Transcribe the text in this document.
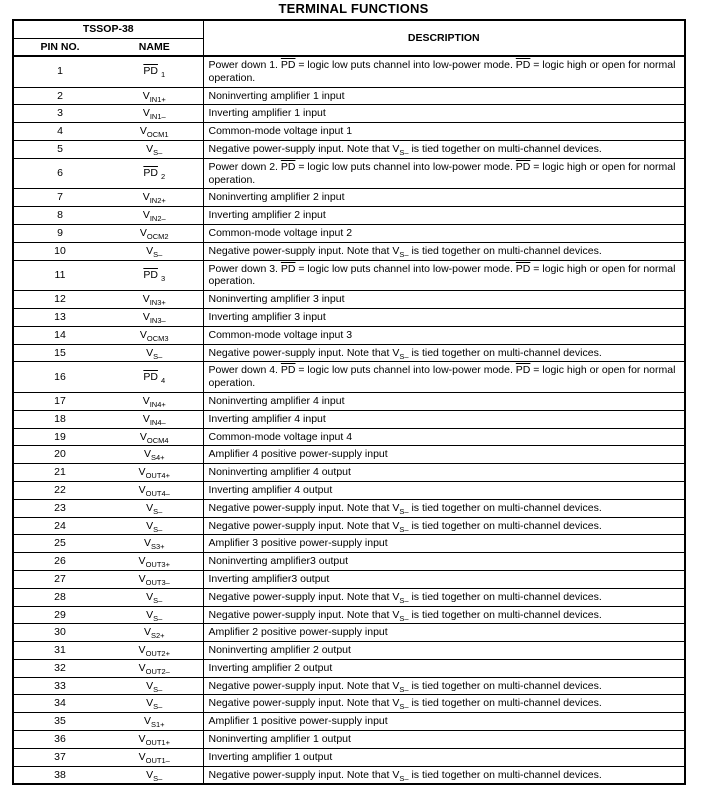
TERMINAL FUNCTIONS
TSSOP-38		DESCRIPTION
PIN NO.	NAME	
1	$\overline{PD}$ $_1$	Power down 1. $\overline{PD}$ = logic low puts channel into low-power mode. $\overline{PD}$ = logic high or open for normal operation.
2	$V_{IN1+}$	Noninverting amplifier 1 input
3	$V_{IN1-}$	Inverting amplifier 1 input
4	$V_{OCM1}$	Common-mode voltage input 1
5	$V_{S-}$	Negative power-supply input. Note that $V_{S-}$ is tied together on multi-channel devices.
6	$\overline{PD}$ $_2$	Power down 2. $\overline{PD}$ = logic low puts channel into low-power mode. $\overline{PD}$ = logic high or open for normal operation.
7	$V_{IN2+}$	Noninverting amplifier 2 input
8	$V_{IN2-}$	Inverting amplifier 2 input
9	$V_{OCM2}$	Common-mode voltage input 2
10	$V_{S-}$	Negative power-supply input. Note that $V_{S-}$ is tied together on multi-channel devices.
11	$\overline{PD}$ $_3$	Power down 3. $\overline{PD}$ = logic low puts channel into low-power mode. $\overline{PD}$ = logic high or open for normal operation.
12	$V_{IN3+}$	Noninverting amplifier 3 input
13	$V_{IN3-}$	Inverting amplifier 3 input
14	$V_{OCM3}$	Common-mode voltage input 3
15	$V_{S-}$	Negative power-supply input. Note that $V_{S-}$ is tied together on multi-channel devices.
16	$\overline{PD}$ $_4$	Power down 4. $\overline{PD}$ = logic low puts channel into low-power mode. $\overline{PD}$ = logic high or open for normal operation.
17	$V_{IN4+}$	Noninverting amplifier 4 input
18	$V_{IN4-}$	Inverting amplifier 4 input
19	$V_{OCM4}$	Common-mode voltage input 4
20	$V_{S4+}$	Amplifier 4 positive power-supply input
21	$V_{OUT4+}$	Noninverting amplifier 4 output
22	$V_{OUT4-}$	Inverting amplifier 4 output
23	$V_{S-}$	Negative power-supply input. Note that $V_{S-}$ is tied together on multi-channel devices.
24	$V_{S-}$	Negative power-supply input. Note that $V_{S-}$ is tied together on multi-channel devices.
25	$V_{S3+}$	Amplifier 3 positive power-supply input
26	$V_{OUT3+}$	Noninverting amplifier3 output
27	$V_{OUT3-}$	Inverting amplifier3 output
28	$V_{S-}$	Negative power-supply input. Note that $V_{S-}$ is tied together on multi-channel devices.
29	$V_{S-}$	Negative power-supply input. Note that $V_{S-}$ is tied together on multi-channel devices.
30	$V_{S2+}$	Amplifier 2 positive power-supply input
31	$V_{OUT2+}$	Noninverting amplifier 2 output
32	$V_{OUT2-}$	Inverting amplifier 2 output
33	$V_{S-}$	Negative power-supply input. Note that $V_{S-}$ is tied together on multi-channel devices.
34	$V_{S-}$	Negative power-supply input. Note that $V_{S-}$ is tied together on multi-channel devices.
35	$V_{S1+}$	Amplifier 1 positive power-supply input
36	$V_{OUT1+}$	Noninverting amplifier 1 output
37	$V_{OUT1-}$	Inverting amplifier 1 output
38	$V_{S-}$	Negative power-supply input. Note that $V_{S-}$ is tied together on multi-channel devices.
